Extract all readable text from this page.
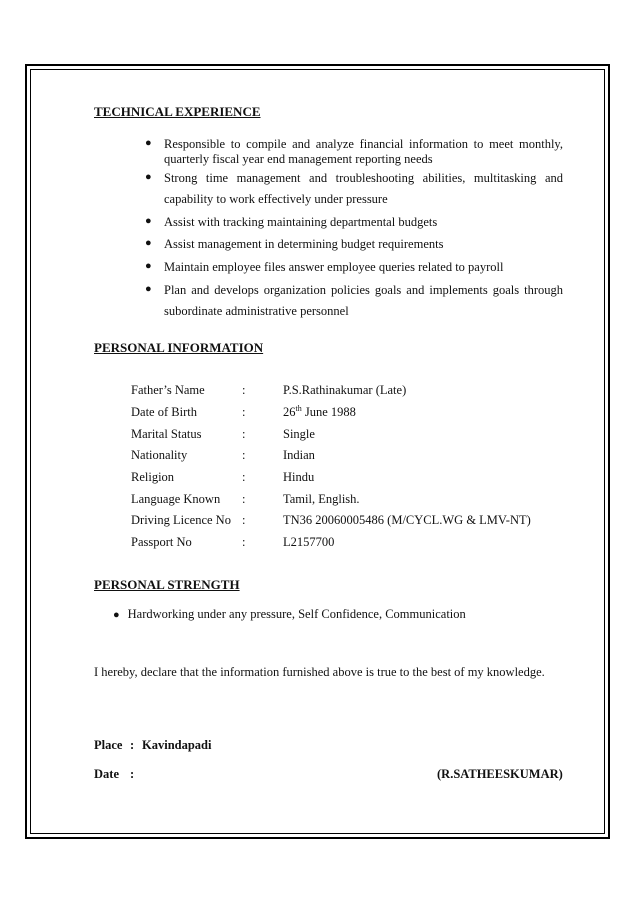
TECHNICAL EXPERIENCE
● Responsible to compile and analyze financial information to meet monthly,
quarterly fiscal year end management reporting needs
● Strong time management and troubleshooting abilities, multitasking and
capability to work effectively under pressure
● Assist with tracking maintaining departmental budgets
● Assist management in determining budget requirements
● Maintain employee files answer employee queries related to payroll
● Plan and develops organization policies goals and implements goals through
subordinate administrative personnel
PERSONAL INFORMATION
Father’s Name	:	P.S.Rathinakumar (Late)
Date of Birth	:	26th June 1988
Marital Status	:	Single
Nationality	:	Indian
Religion	:	Hindu
Language Known :	Tamil, English.
Driving Licence No :	TN36 20060005486 (M/CYCL.WG & LMV-NT)
Passport No	:	L2157700
PERSONAL STRENGTH
● Hardworking under any pressure, Self Confidence, Communication
I hereby, declare that the information furnished above is true to the best of my knowledge.
Place : Kavindapadi
Date :	(R.SATHEESKUMAR)
